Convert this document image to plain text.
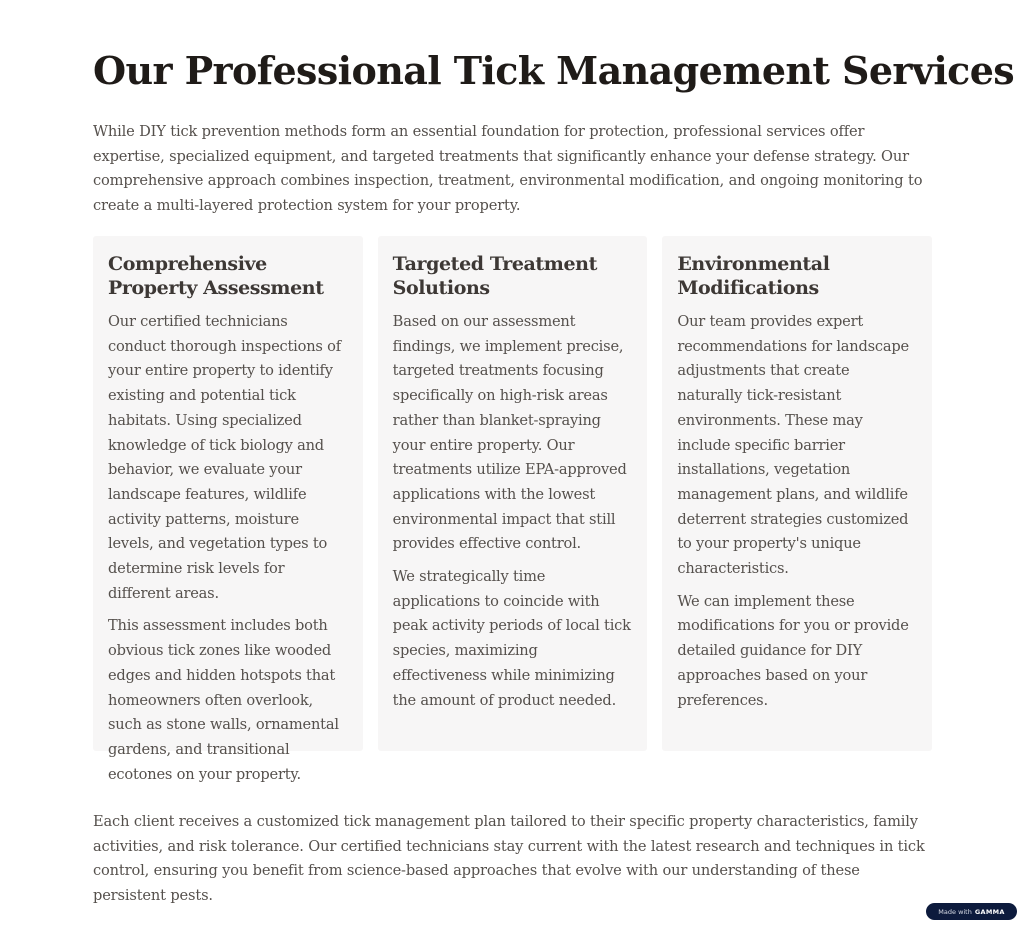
Our Professional Tick Management Services

While DIY tick prevention methods form an essential foundation for protection, professional services offer expertise, specialized equipment, and targeted treatments that significantly enhance your defense strategy. Our comprehensive approach combines inspection, treatment, environmental modification, and ongoing monitoring to create a multi-layered protection system for your property.

Comprehensive Property Assessment

Our certified technicians conduct thorough inspections of your entire property to identify existing and potential tick habitats. Using specialized knowledge of tick biology and behavior, we evaluate your landscape features, wildlife activity patterns, moisture levels, and vegetation types to determine risk levels for different areas.

This assessment includes both obvious tick zones like wooded edges and hidden hotspots that homeowners often overlook, such as stone walls, ornamental gardens, and transitional ecotones on your property.

Targeted Treatment Solutions

Based on our assessment findings, we implement precise, targeted treatments focusing specifically on high-risk areas rather than blanket-spraying your entire property. Our treatments utilize EPA-approved applications with the lowest environmental impact that still provides effective control.

We strategically time applications to coincide with peak activity periods of local tick species, maximizing effectiveness while minimizing the amount of product needed.

Environmental Modifications

Our team provides expert recommendations for landscape adjustments that create naturally tick-resistant environments. These may include specific barrier installations, vegetation management plans, and wildlife deterrent strategies customized to your property's unique characteristics.

We can implement these modifications for you or provide detailed guidance for DIY approaches based on your preferences.

Each client receives a customized tick management plan tailored to their specific property characteristics, family activities, and risk tolerance. Our certified technicians stay current with the latest research and techniques in tick control, ensuring you benefit from science-based approaches that evolve with our understanding of these persistent pests.

Made with GAMMA
